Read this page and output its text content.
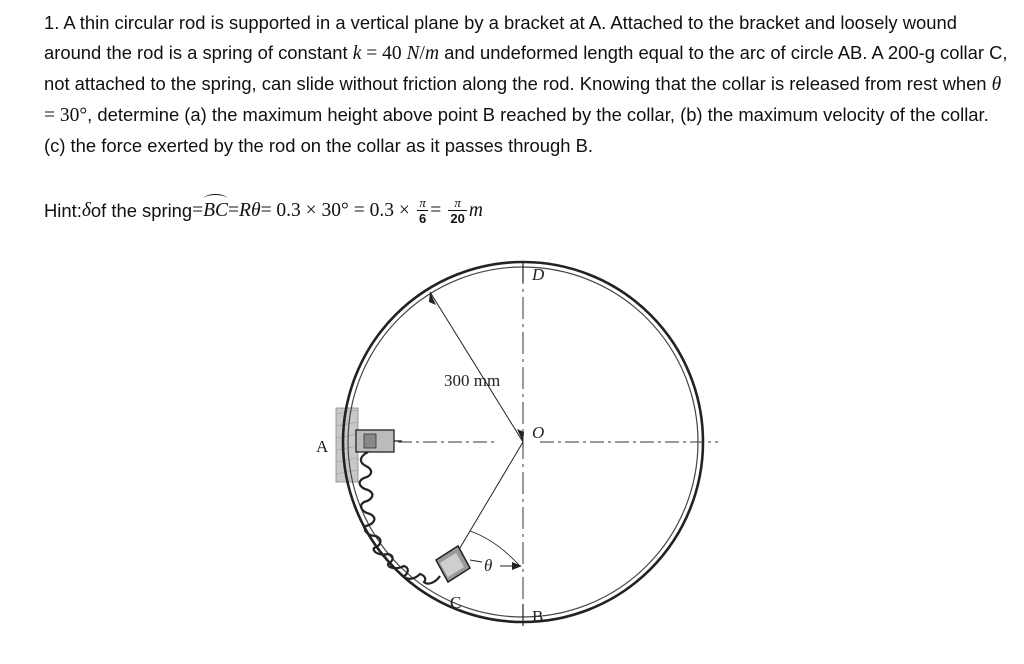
1. A thin circular rod is supported in a vertical plane by a bracket at A. Attached to the bracket and loosely wound around the rod is a spring of constant k = 40 N/m and undeformed length equal to the arc of circle AB. A 200-g collar C, not attached to the spring, can slide without friction along the rod. Knowing that the collar is released from rest when θ = 30°, determine (a) the maximum height above point B reached by the collar, (b) the maximum velocity of the collar. (c) the force exerted by the rod on the collar as it passes through B.

Hint:δof the spring=BC=Rθ= $0.3 \times 30^\circ = 0.3 \times \frac{\pi}{6} = \frac{\pi}{20}$ m
D
O
A
B
C
θ
300 mm
